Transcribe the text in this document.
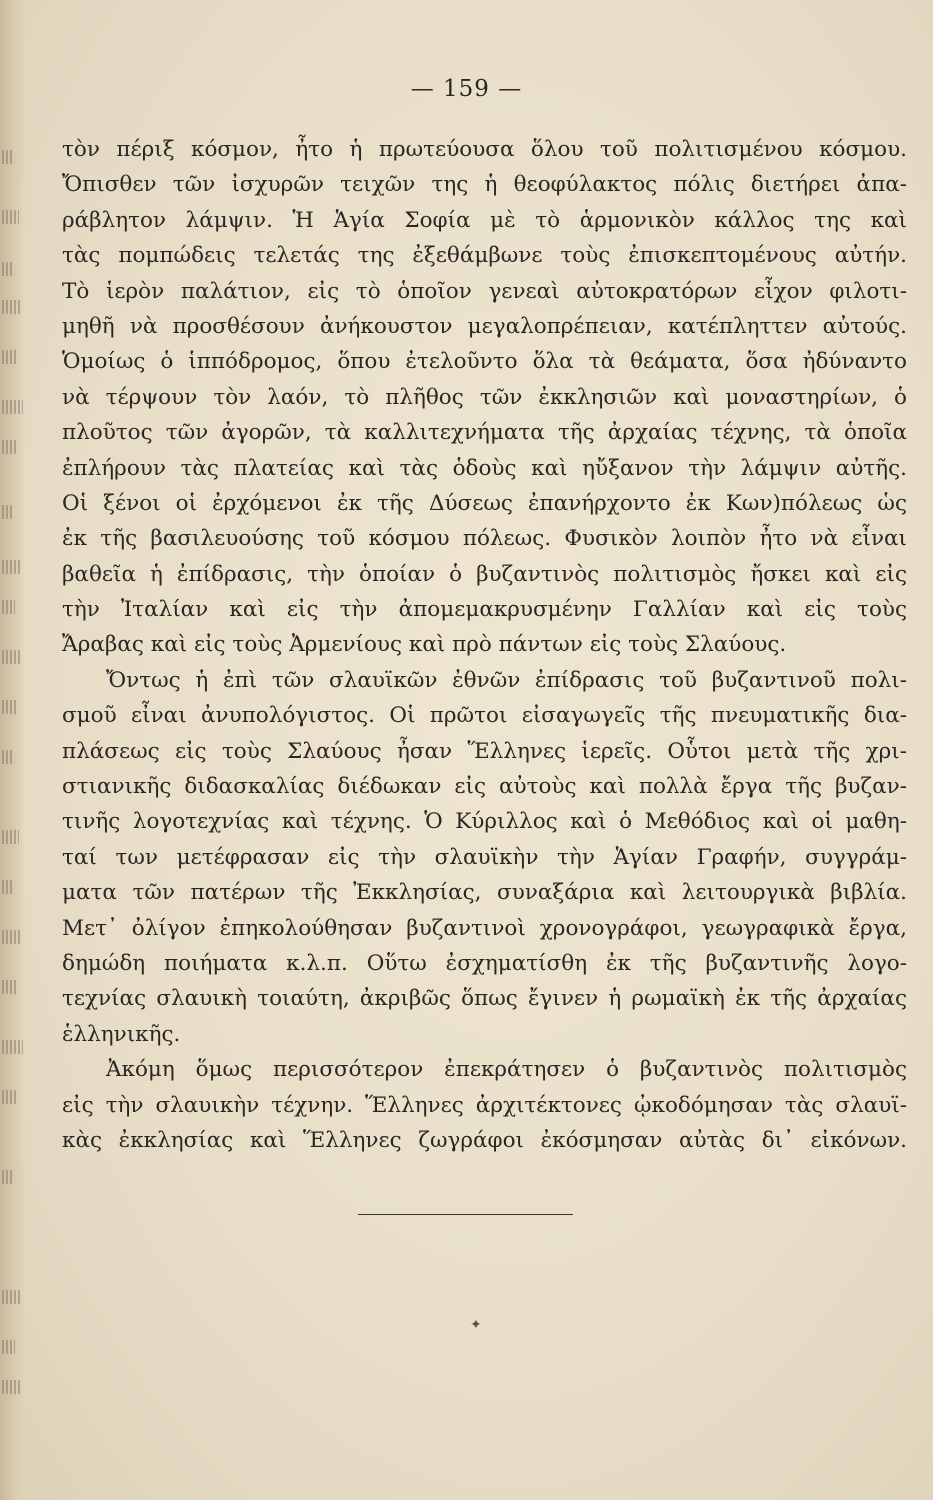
— 159 —
τὸν πέριξ κόσμον, ἦτο ἡ πρωτεύουσα ὅλου τοῦ πολιτισμένου κόσμου.
Ὄπισθεν τῶν ἰσχυρῶν τειχῶν της ἡ θεοφύλακτος πόλις διετήρει ἀπα-
ράβλητον λάμψιν. Ἡ Ἁγία Σοφία μὲ τὸ ἁρμονικὸν κάλλος της καὶ
τὰς πομπώδεις τελετάς της ἐξεθάμβωνε τοὺς ἐπισκεπτομένους αὐτήν.
Τὸ ἱερὸν παλάτιον, εἰς τὸ ὁποῖον γενεαὶ αὐτοκρατόρων εἶχον φιλοτι-
μηθῆ νὰ προσθέσουν ἀνήκουστον μεγαλοπρέπειαν, κατέπληττεν αὐτούς.
Ὁμοίως ὁ ἱππόδρομος, ὅπου ἐτελοῦντο ὅλα τὰ θεάματα, ὅσα ἠδύναντο
νὰ τέρψουν τὸν λαόν, τὸ πλῆθος τῶν ἐκκλησιῶν καὶ μοναστηρίων, ὁ
πλοῦτος τῶν ἀγορῶν, τὰ καλλιτεχνήματα τῆς ἀρχαίας τέχνης, τὰ ὁποῖα
ἐπλήρουν τὰς πλατείας καὶ τὰς ὁδοὺς καὶ ηὔξανον τὴν λάμψιν αὐτῆς.
Οἱ ξένοι οἱ ἐρχόμενοι ἐκ τῆς Δύσεως ἐπανήρχοντο ἐκ Κων)πόλεως ὡς
ἐκ τῆς βασιλευούσης τοῦ κόσμου πόλεως. Φυσικὸν λοιπὸν ἦτο νὰ εἶναι
βαθεῖα ἡ ἐπίδρασις, τὴν ὁποίαν ὁ βυζαντινὸς πολιτισμὸς ἤσκει καὶ εἰς
τὴν Ἰταλίαν καὶ εἰς τὴν ἀπομεμακρυσμένην Γαλλίαν καὶ εἰς τοὺς
Ἄραβας καὶ εἰς τοὺς Ἀρμενίους καὶ πρὸ πάντων εἰς τοὺς Σλαύους.
Ὄντως ἡ ἐπὶ τῶν σλαυϊκῶν ἐθνῶν ἐπίδρασις τοῦ βυζαντινοῦ πολι-
σμοῦ εἶναι ἀνυπολόγιστος. Οἱ πρῶτοι εἰσαγωγεῖς τῆς πνευματικῆς δια-
πλάσεως εἰς τοὺς Σλαύους ἦσαν Ἕλληνες ἱερεῖς. Οὗτοι μετὰ τῆς χρι-
στιανικῆς διδασκαλίας διέδωκαν εἰς αὐτοὺς καὶ πολλὰ ἔργα τῆς βυζαν-
τινῆς λογοτεχνίας καὶ τέχνης. Ὁ Κύριλλος καὶ ὁ Μεθόδιος καὶ οἱ μαθη-
ταί των μετέφρασαν εἰς τὴν σλαυϊκὴν τὴν Ἁγίαν Γραφήν, συγγράμ-
ματα τῶν πατέρων τῆς Ἐκκλησίας, συναξάρια καὶ λειτουργικὰ βιβλία.
Μετ᾽ ὀλίγον ἐπηκολούθησαν βυζαντινοὶ χρονογράφοι, γεωγραφικὰ ἔργα,
δημώδη ποιήματα κ.λ.π. Οὕτω ἐσχηματίσθη ἐκ τῆς βυζαντινῆς λογο-
τεχνίας σλαυικὴ τοιαύτη, ἀκριβῶς ὅπως ἔγινεν ἡ ρωμαϊκὴ ἐκ τῆς ἀρχαίας
ἑλληνικῆς.
Ἀκόμη ὅμως περισσότερον ἐπεκράτησεν ὁ βυζαντινὸς πολιτισμὸς
εἰς τὴν σλαυικὴν τέχνην. Ἕλληνες ἀρχιτέκτονες ᾠκοδόμησαν τὰς σλαυϊ-
κὰς ἐκκλησίας καὶ Ἕλληνες ζωγράφοι ἐκόσμησαν αὐτὰς δι᾽ εἰκόνων.
✦
